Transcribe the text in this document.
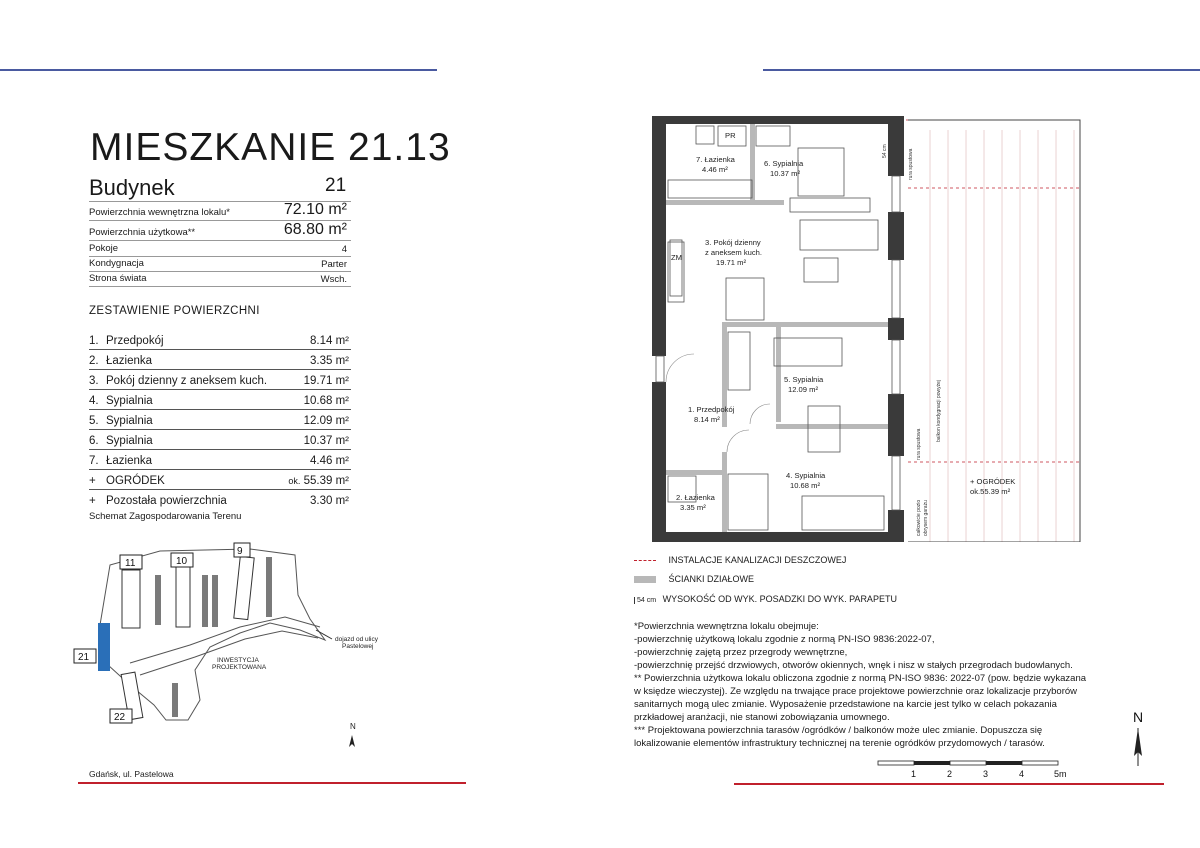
MIESZKANIE 21.13
Budynek	21
Powierzchnia wewnętrzna lokalu*	72.10 m²
Powierzchnia użytkowa**	68.80 m²
Pokoje	4
Kondygnacja	Parter
Strona świata	Wsch.
ZESTAWIENIE POWIERZCHNI
1. Przedpokój	8.14 m²
2. Łazienka	3.35 m²
3. Pokój dzienny z aneksem kuch.	19.71 m²
4. Sypialnia	10.68 m²
5. Sypialnia	12.09 m²
6. Sypialnia	10.37 m²
7. Łazienka	4.46 m²
+ OGRÓDEK	ok. 55.39 m²
+ Pozostała powierzchnia	3.30 m²
Schemat Zagospodarowania Terenu
11	10
9
21
22
INWESTYCJA
PROJEKTOWANA
dojazd od ulicy
Pastelowej
N
Gdańsk, ul. Pastelowa
7. Łazienka
4.46 m²
6. Sypialnia
10.37 m²
3. Pokój dzienny
z aneksem kuch.
19.71 m²
5. Sypialnia
12.09 m²
1. Przedpokój
8.14 m²
4. Sypialnia
10.68 m²
2. Łazienka
3.35 m²
PR
ZM
+ OGRÓDEK
ok.55.39 m²
54 cm	rura spustowa
balkon kondygnacji powyżej
rura spustowa
całkowicie pozio obrysem garażu
INSTALACJE KANALIZACJI DESZCZOWEJ
ŚCIANKI DZIAŁOWE
54 cm WYSOKOŚĆ OD WYK. POSADZKI DO WYK. PARAPETU
*Powierzchnia wewnętrzna lokalu obejmuje:
-powierzchnię użytkową lokalu zgodnie z normą PN-ISO 9836:2022-07,
-powierzchnię zajętą przez przegrody wewnętrzne,
-powierzchnię przejść drzwiowych, otworów okiennych, wnęk i nisz w stałych przegrodach budowlanych.
** Powierzchnia użytkowa lokalu obliczona zgodnie z normą PN-ISO 9836: 2022-07 (pow. będzie wykazana
w księdze wieczystej). Ze względu na trwające prace projektowe powierzchnie oraz lokalizacje przyborów
sanitarnych mogą ulec zmianie. Wyposażenie przedstawione na karcie jest tylko w celach pokazania
przkładowej aranżacji, nie stanowi zobowiązania umownego.
*** Projektowana powierzchnia tarasów /ogródków / balkonów może ulec zmianie. Dopuszcza się
lokalizowanie elementów infrastruktury technicznej na terenie ogródków przydomowych / tarasów.
N
1	2	3	4	5m
